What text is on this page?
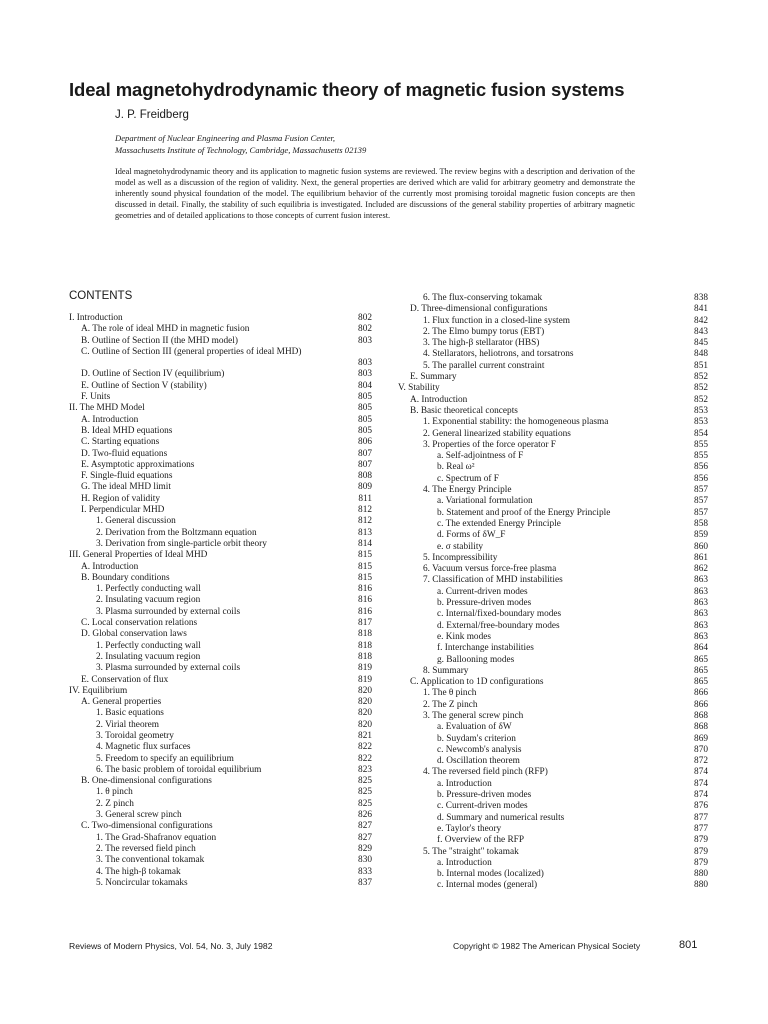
Ideal magnetohydrodynamic theory of magnetic fusion systems
J. P. Freidberg
Department of Nuclear Engineering and Plasma Fusion Center,
Massachusetts Institute of Technology, Cambridge, Massachusetts 02139
Ideal magnetohydrodynamic theory and its application to magnetic fusion systems are reviewed. The review begins with a description and derivation of the model as well as a discussion of the region of validity. Next, the general properties are derived which are valid for arbitrary geometry and demonstrate the inherently sound physical foundation of the model. The equilibrium behavior of the currently most promising toroidal magnetic fusion concepts are then discussed in detail. Finally, the stability of such equilibria is investigated. Included are discussions of the general stability properties of arbitrary magnetic geometries and of detailed applications to those concepts of current fusion interest.
CONTENTS
I. Introduction	802
A. The role of ideal MHD in magnetic fusion	802
B. Outline of Section II (the MHD model)	803
C. Outline of Section III (general properties of ideal MHD)
803
D. Outline of Section IV (equilibrium)	803
E. Outline of Section V (stability)	804
F. Units	805
II. The MHD Model	805
A. Introduction	805
B. Ideal MHD equations	805
C. Starting equations	806
D. Two-fluid equations	807
E. Asymptotic approximations	807
F. Single-fluid equations	808
G. The ideal MHD limit	809
H. Region of validity	811
I. Perpendicular MHD	812
1. General discussion	812
2. Derivation from the Boltzmann equation	813
3. Derivation from single-particle orbit theory	814
III. General Properties of Ideal MHD	815
A. Introduction	815
B. Boundary conditions	815
1. Perfectly conducting wall	816
2. Insulating vacuum region	816
3. Plasma surrounded by external coils	816
C. Local conservation relations	817
D. Global conservation laws	818
1. Perfectly conducting wall	818
2. Insulating vacuum region	818
3. Plasma surrounded by external coils	819
E. Conservation of flux	819
IV. Equilibrium	820
A. General properties	820
1. Basic equations	820
2. Virial theorem	820
3. Toroidal geometry	821
4. Magnetic flux surfaces	822
5. Freedom to specify an equilibrium	822
6. The basic problem of toroidal equilibrium	823
B. One-dimensional configurations	825
1. θ pinch	825
2. Z pinch	825
3. General screw pinch	826
C. Two-dimensional configurations	827
1. The Grad-Shafranov equation	827
2. The reversed field pinch	829
3. The conventional tokamak	830
4. The high-β tokamak	833
5. Noncircular tokamaks	837
6. The flux-conserving tokamak	838
D. Three-dimensional configurations	841
1. Flux function in a closed-line system	842
2. The Elmo bumpy torus (EBT)	843
3. The high-β stellarator (HBS)	845
4. Stellarators, heliotrons, and torsatrons	848
5. The parallel current constraint	851
E. Summary	852
V. Stability	852
A. Introduction	852
B. Basic theoretical concepts	853
1. Exponential stability: the homogeneous plasma	853
2. General linearized stability equations	854
3. Properties of the force operator F	855
a. Self-adjointness of F	855
b. Real ω²	856
c. Spectrum of F	856
4. The Energy Principle	857
a. Variational formulation	857
b. Statement and proof of the Energy Principle	857
c. The extended Energy Principle	858
d. Forms of δW_F	859
e. σ stability	860
5. Incompressibility	861
6. Vacuum versus force-free plasma	862
7. Classification of MHD instabilities	863
a. Current-driven modes	863
b. Pressure-driven modes	863
c. Internal/fixed-boundary modes	863
d. External/free-boundary modes	863
e. Kink modes	863
f. Interchange instabilities	864
g. Ballooning modes	865
8. Summary	865
C. Application to 1D configurations	865
1. The θ pinch	866
2. The Z pinch	866
3. The general screw pinch	868
a. Evaluation of δW	868
b. Suydam's criterion	869
c. Newcomb's analysis	870
d. Oscillation theorem	872
4. The reversed field pinch (RFP)	874
a. Introduction	874
b. Pressure-driven modes	874
c. Current-driven modes	876
d. Summary and numerical results	877
e. Taylor's theory	877
f. Overview of the RFP	879
5. The "straight" tokamak	879
a. Introduction	879
b. Internal modes (localized)	880
c. Internal modes (general)	880
Reviews of Modern Physics, Vol. 54, No. 3, July 1982	Copyright © 1982 The American Physical Society	801
